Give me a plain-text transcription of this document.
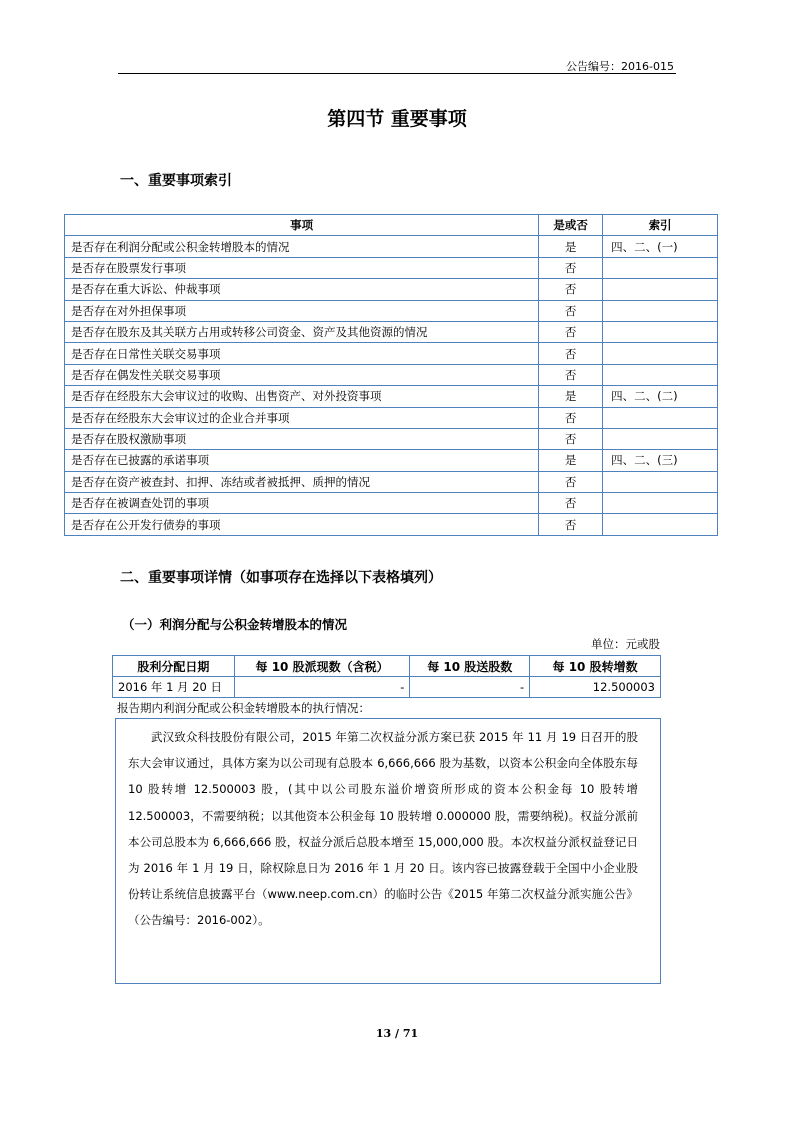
公告编号：2016-015
第四节 重要事项
一、重要事项索引
事项	是或否	索引
是否存在利润分配或公积金转增股本的情况	是	四、二、(一)
是否存在股票发行事项	否	
是否存在重大诉讼、仲裁事项	否	
是否存在对外担保事项	否	
是否存在股东及其关联方占用或转移公司资金、资产及其他资源的情况	否	
是否存在日常性关联交易事项	否	
是否存在偶发性关联交易事项	否	
是否存在经股东大会审议过的收购、出售资产、对外投资事项	是	四、二、(二)
是否存在经股东大会审议过的企业合并事项	否	
是否存在股权激励事项	否	
是否存在已披露的承诺事项	是	四、二、(三)
是否存在资产被查封、扣押、冻结或者被抵押、质押的情况	否	
是否存在被调查处罚的事项	否	
是否存在公开发行债券的事项	否	
二、重要事项详情（如事项存在选择以下表格填列）
（一）利润分配与公积金转增股本的情况
单位：元或股
股利分配日期	每 10 股派现数（含税）	每 10 股送股数	每 10 股转增数
2016 年 1 月 20 日	-	-	12.500003
报告期内利润分配或公积金转增股本的执行情况：

武汉致众科技股份有限公司，2015 年第二次权益分派方案已获 2015 年 11 月 19 日召开的股东大会审议通过，具体方案为以公司现有总股本 6,666,666 股为基数，以资本公积金向全体股东每 10 股转增 12.500003 股，(其中以公司股东溢价增资所形成的资本公积金每 10 股转增 12.500003，不需要纳税；以其他资本公积金每 10 股转增 0.000000 股，需要纳税)。权益分派前本公司总股本为 6,666,666 股，权益分派后总股本增至 15,000,000 股。本次权益分派权益登记日为 2016 年 1 月 19 日，除权除息日为 2016 年 1 月 20 日。该内容已披露登载于全国中小企业股份转让系统信息披露平台（www.neep.com.cn）的临时公告《2015 年第二次权益分派实施公告》（公告编号：2016-002）。

13 / 71
